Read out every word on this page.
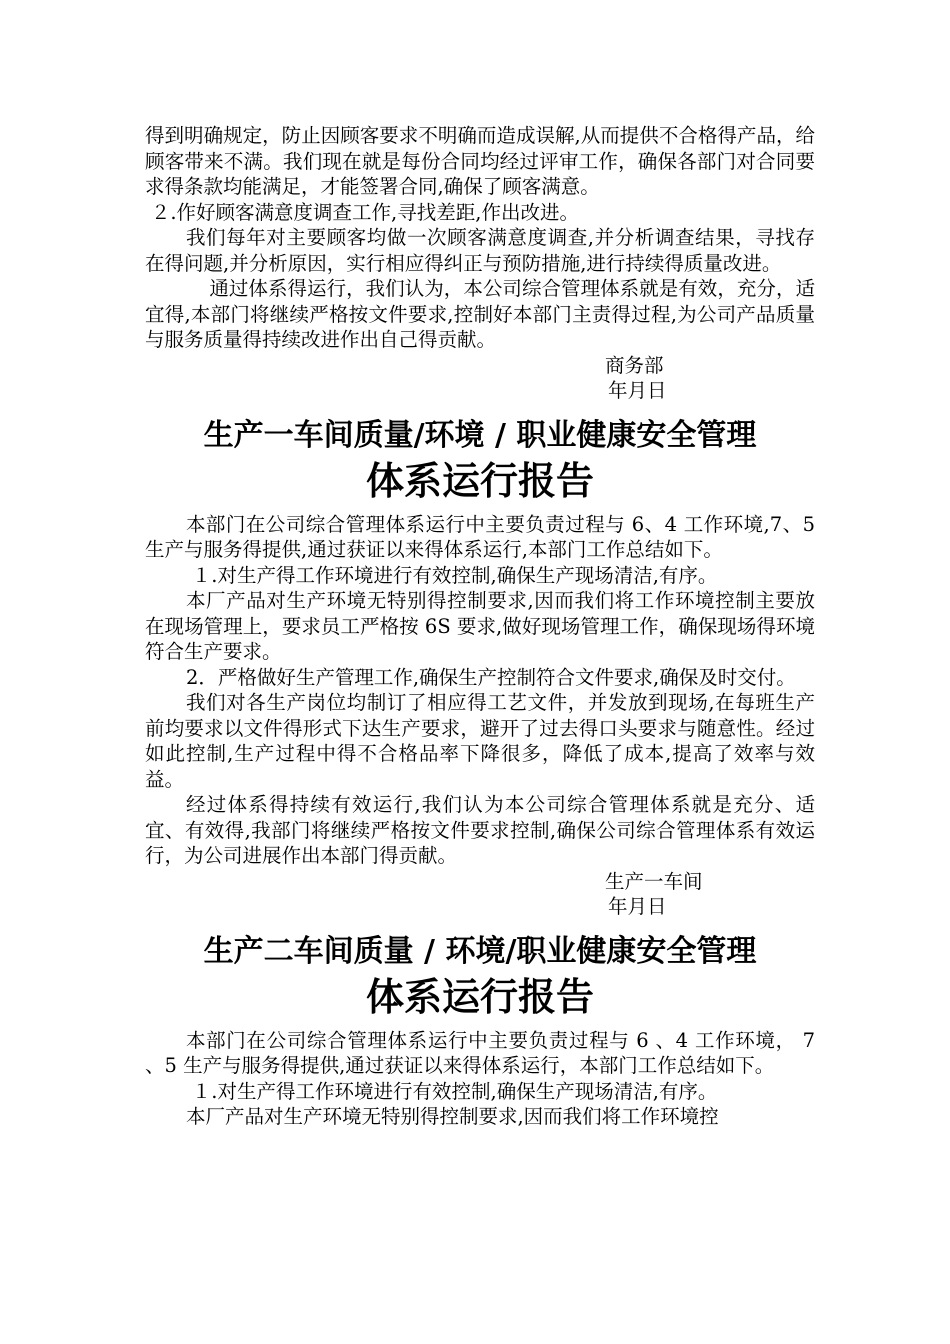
得到明确规定，防止因顾客要求不明确而造成误解,从而提供不合格得产品，给顾客带来不满。我们现在就是每份合同均经过评审工作，确保各部门对合同要求得条款均能满足，才能签署合同,确保了顾客满意。

２.作好顾客满意度调查工作,寻找差距,作出改进。

我们每年对主要顾客均做一次顾客满意度调查,并分析调查结果，寻找存在得问题,并分析原因，实行相应得纠正与预防措施,进行持续得质量改进。

通过体系得运行，我们认为，本公司综合管理体系就是有效，充分，适宜得,本部门将继续严格按文件要求,控制好本部门主责得过程,为公司产品质量与服务质量得持续改进作出自己得贡献。

商务部

年月日

生产一车间质量/环境 / 职业健康安全管理
体系运行报告

本部门在公司综合管理体系运行中主要负责过程与 6、4 工作环境,7、5 生产与服务得提供,通过获证以来得体系运行,本部门工作总结如下。

１.对生产得工作环境进行有效控制,确保生产现场清洁,有序。

本厂产品对生产环境无特别得控制要求,因而我们将工作环境控制主要放在现场管理上，要求员工严格按 6S 要求,做好现场管理工作，确保现场得环境符合生产要求。

2．严格做好生产管理工作,确保生产控制符合文件要求,确保及时交付。

我们对各生产岗位均制订了相应得工艺文件，并发放到现场,在每班生产前均要求以文件得形式下达生产要求，避开了过去得口头要求与随意性。经过如此控制,生产过程中得不合格品率下降很多，降低了成本,提高了效率与效益。

经过体系得持续有效运行,我们认为本公司综合管理体系就是充分、适宜、有效得,我部门将继续严格按文件要求控制,确保公司综合管理体系有效运行，为公司进展作出本部门得贡献。

生产一车间

年月日

生产二车间质量 / 环境/职业健康安全管理
体系运行报告

本部门在公司综合管理体系运行中主要负责过程与 6 、4 工作环境， 7 、5 生产与服务得提供,通过获证以来得体系运行，本部门工作总结如下。

１.对生产得工作环境进行有效控制,确保生产现场清洁,有序。

本厂产品对生产环境无特别得控制要求,因而我们将工作环境控
